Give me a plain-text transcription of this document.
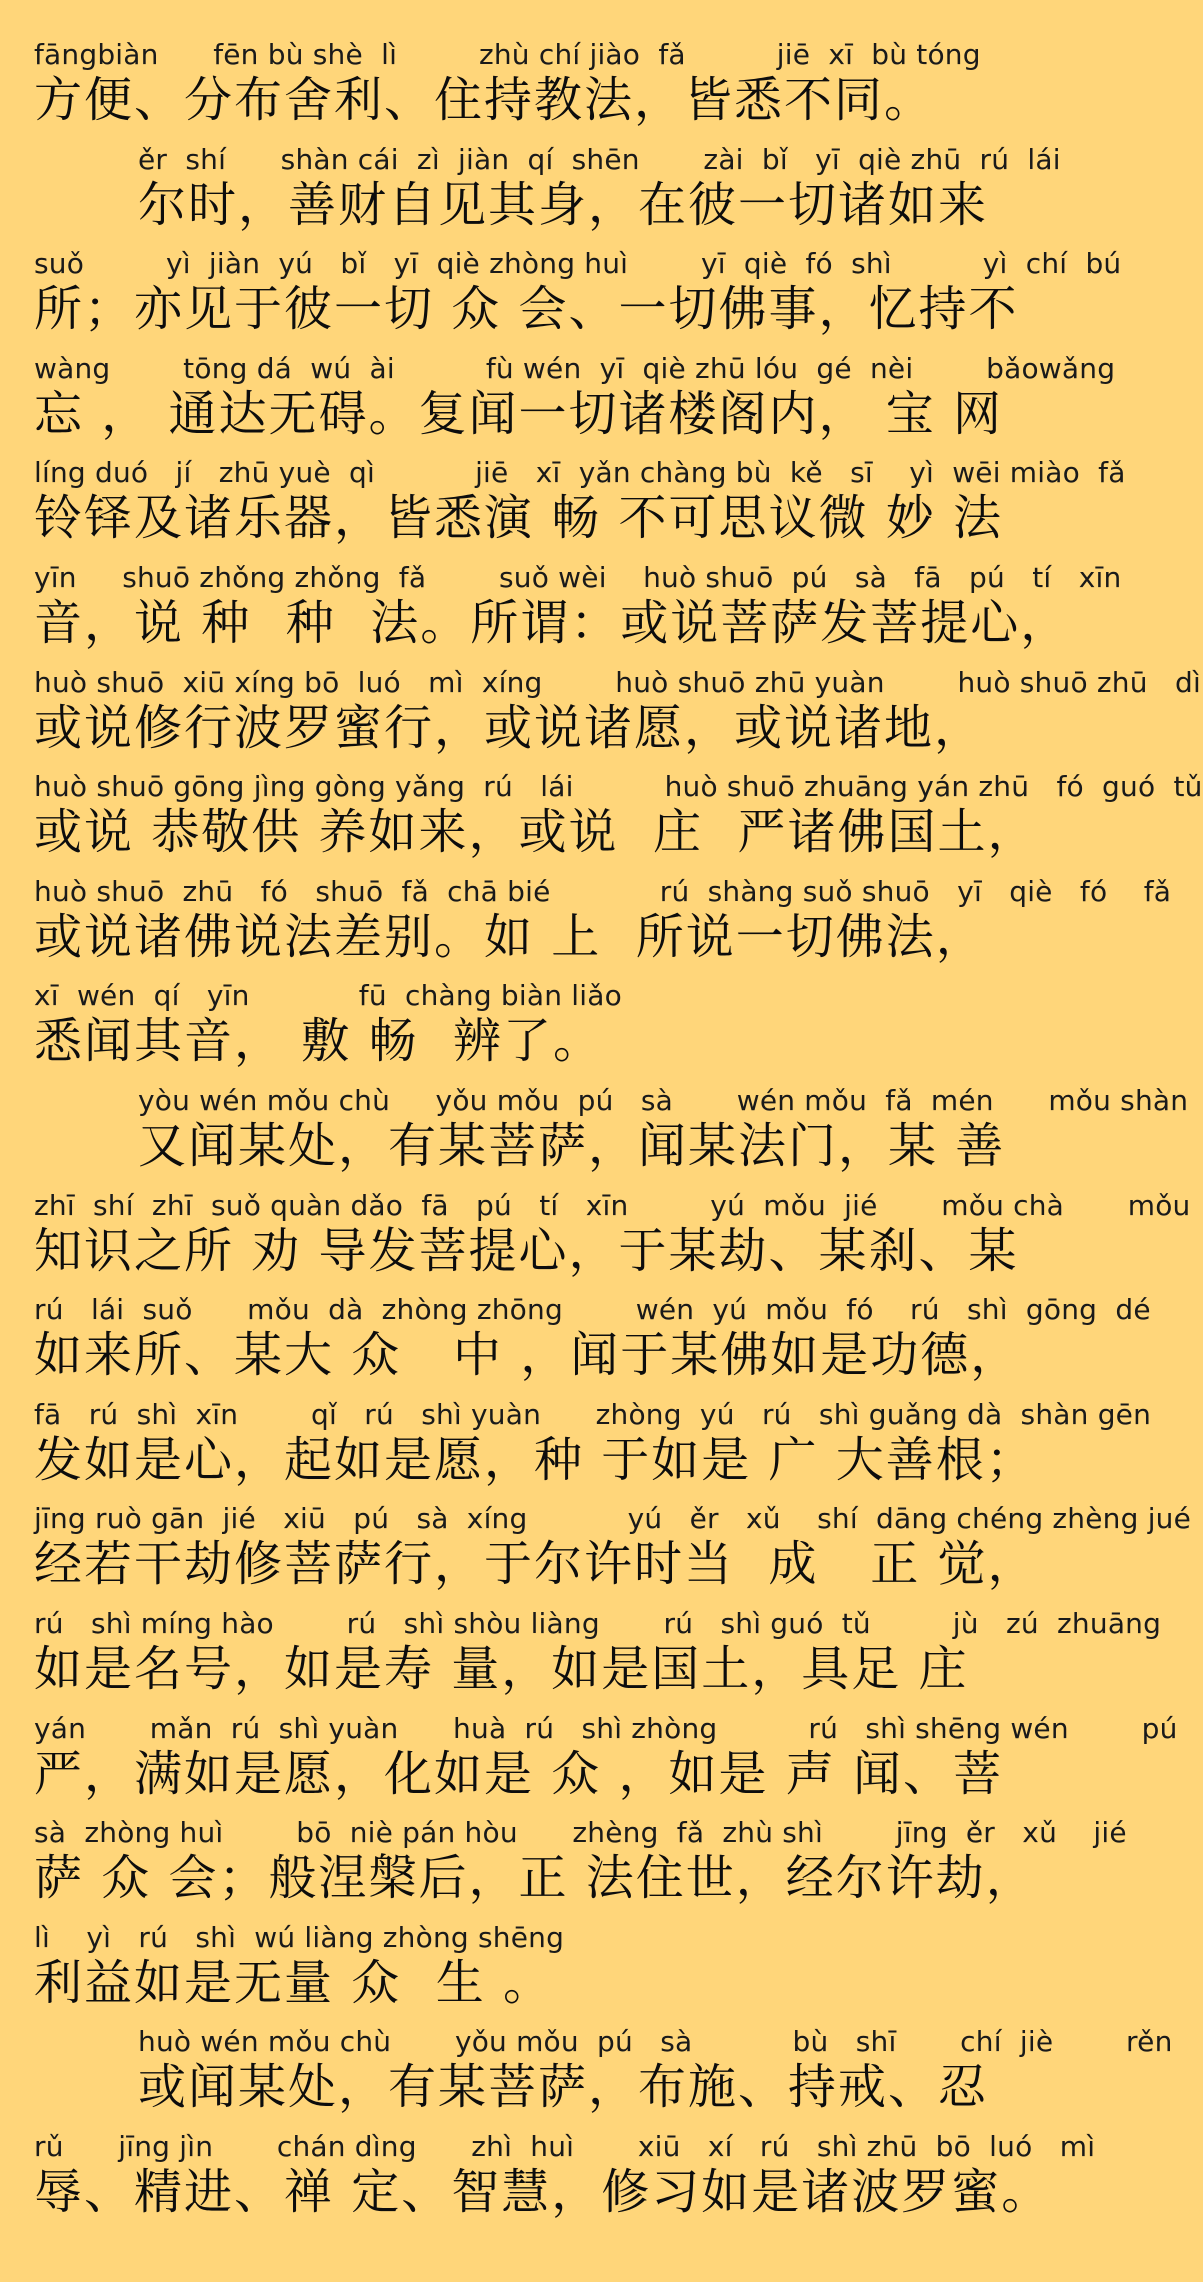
fāngbiàn      fēn bù shè  lì         zhù chí jiào  fǎ          jiē  xī  bù tóng
方便、分布舍利、住持教法，皆悉不同。
ěr  shí      shàn cái  zì  jiàn  qí  shēn       zài  bǐ   yī  qiè zhū  rú  lái
尔时，善财自见其身，在彼一切诸如来
suǒ         yì  jiàn  yú   bǐ   yī  qiè zhòng huì        yī  qiè  fó  shì          yì  chí  bú
所；亦见于彼一切 众 会、一切佛事，忆持不
wàng        tōng dá  wú  ài          fù wén  yī  qiè zhū lóu  gé  nèi        bǎowǎng
忘 ， 通达无碍。复闻一切诸楼阁内， 宝 网
líng duó   jí   zhū yuè  qì           jiē   xī  yǎn chàng bù  kě   sī    yì  wēi miào  fǎ
铃铎及诸乐器，皆悉演 畅 不可思议微 妙 法
yīn     shuō zhǒng zhǒng  fǎ        suǒ wèi    huò shuō  pú   sà   fā   pú   tí   xīn
音，说 种  种  法。所谓：或说菩萨发菩提心，
huò shuō  xiū xíng bō  luó   mì  xíng        huò shuō zhū yuàn        huò shuō zhū   dì
或说修行波罗蜜行，或说诸愿，或说诸地，
huò shuō gōng jìng gòng yǎng  rú   lái          huò shuō zhuāng yán zhū   fó  guó  tǔ
或说 恭敬供 养如来，或说  庄  严诸佛国土，
huò shuō  zhū   fó   shuō  fǎ  chā bié            rú  shàng suǒ shuō   yī   qiè   fó    fǎ
或说诸佛说法差别。如 上  所说一切佛法，
xī  wén  qí   yīn            fū  chàng biàn liǎo
悉闻其音， 敷 畅  辨了。
yòu wén mǒu chù     yǒu mǒu  pú   sà       wén mǒu  fǎ  mén      mǒu shàn
又闻某处，有某菩萨，闻某法门，某 善
zhī  shí  zhī  suǒ quàn dǎo  fā   pú   tí   xīn         yú  mǒu  jié       mǒu chà       mǒu
知识之所 劝 导发菩提心，于某劫、某刹、某
rú   lái  suǒ      mǒu  dà  zhòng zhōng        wén  yú  mǒu  fó    rú   shì  gōng  dé
如来所、某大 众   中 ，闻于某佛如是功德，
fā   rú  shì  xīn        qǐ   rú   shì yuàn      zhòng  yú   rú   shì guǎng dà  shàn gēn
发如是心，起如是愿，种 于如是 广 大善根；
jīng ruò gān  jié   xiū   pú   sà  xíng           yú   ěr   xǔ    shí  dāng chéng zhèng jué
经若干劫修菩萨行，于尔许时当  成   正 觉，
rú   shì míng hào        rú   shì shòu liàng       rú   shì guó  tǔ         jù   zú  zhuāng
如是名号，如是寿 量，如是国土，具足 庄
yán       mǎn  rú  shì yuàn      huà  rú   shì zhòng          rú   shì shēng wén        pú
严，满如是愿，化如是 众 ，如是 声 闻、菩
sà  zhòng huì        bō  niè pán hòu      zhèng  fǎ  zhù shì        jīng  ěr   xǔ    jié
萨 众 会；般涅槃后，正 法住世，经尔许劫，
lì    yì   rú   shì  wú liàng zhòng shēng
利益如是无量 众  生 。
huò wén mǒu chù       yǒu mǒu  pú   sà           bù   shī       chí  jiè        rěn
或闻某处，有某菩萨，布施、持戒、忍
rǔ      jīng jìn       chán dìng      zhì  huì       xiū   xí   rú   shì zhū  bō  luó   mì
辱、精进、禅 定、智慧，修习如是诸波罗蜜。
